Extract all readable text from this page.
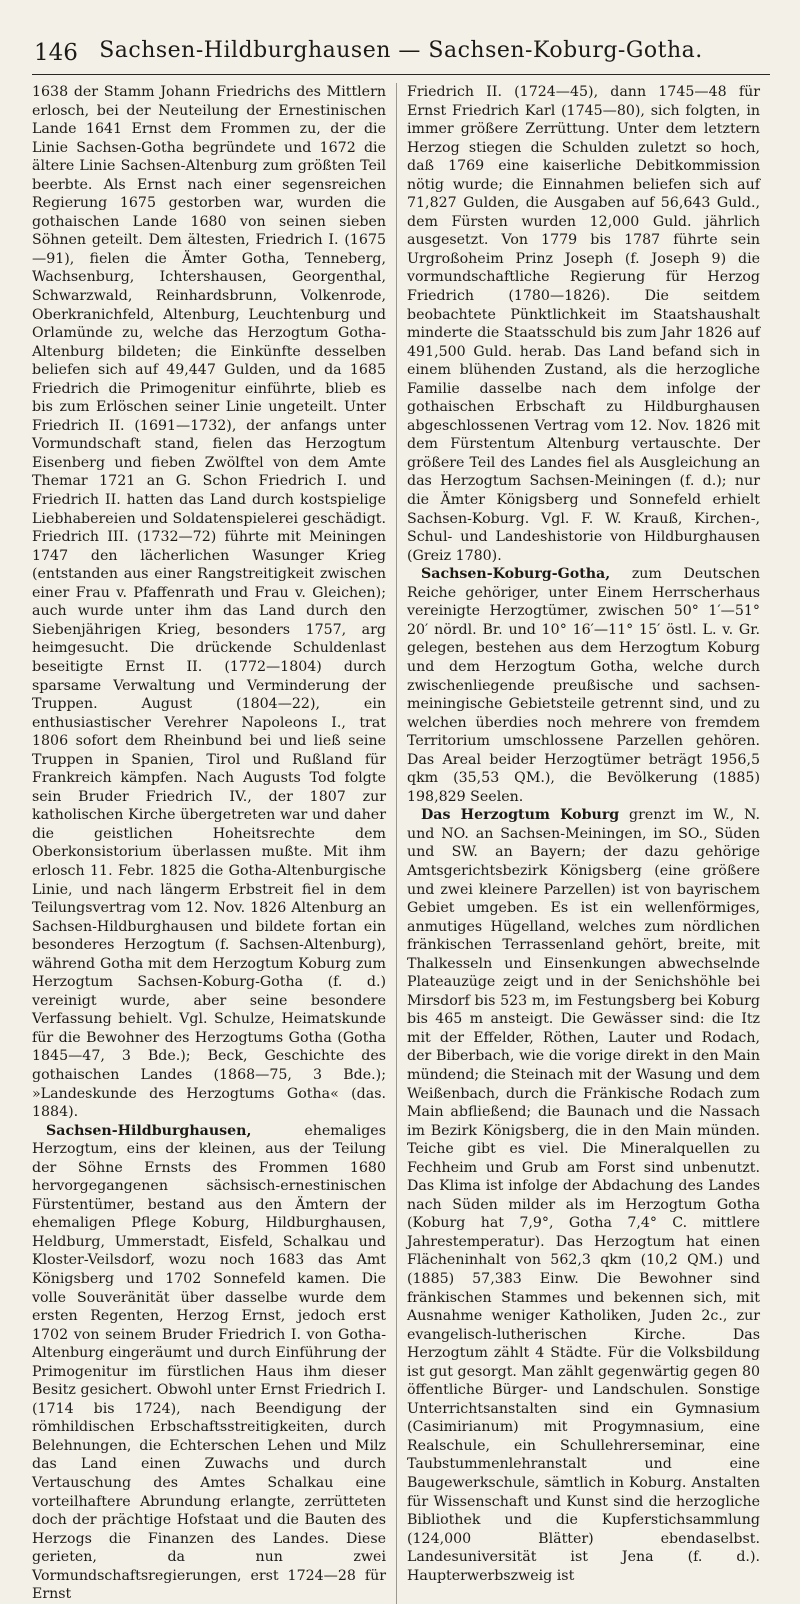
146 Sachsen-Hildburghausen — Sachsen-Koburg-Gotha.

1638 der Stamm Johann Friedrichs des Mittlern erlosch, bei der Neuteilung der Ernestinischen Lande 1641 Ernst dem Frommen zu, der die Linie Sachsen-Gotha begründete und 1672 die ältere Linie Sachsen-Altenburg zum größten Teil beerbte. Als Ernst nach einer segensreichen Regierung 1675 gestorben war, wurden die gothaischen Lande 1680 von seinen sieben Söhnen geteilt. Dem ältesten, Friedrich I. (1675—91), fielen die Ämter Gotha, Tenneberg, Wachsenburg, Ichtershausen, Georgenthal, Schwarzwald, Reinhardsbrunn, Volkenrode, Oberkranichfeld, Altenburg, Leuchtenburg und Orlamünde zu, welche das Herzogtum Gotha-Altenburg bildeten; die Einkünfte desselben beliefen sich auf 49,447 Gulden, und da 1685 Friedrich die Primogenitur einführte, blieb es bis zum Erlöschen seiner Linie ungeteilt. Unter Friedrich II. (1691—1732), der anfangs unter Vormundschaft stand, fielen das Herzogtum Eisenberg und fieben Zwölftel von dem Amte Themar 1721 an G. Schon Friedrich I. und Friedrich II. hatten das Land durch kostspielige Liebhabereien und Soldatenspielerei geschädigt. Friedrich III. (1732—72) führte mit Meiningen 1747 den lächerlichen Wasunger Krieg (entstanden aus einer Rangstreitigkeit zwischen einer Frau v. Pfaffenrath und Frau v. Gleichen); auch wurde unter ihm das Land durch den Siebenjährigen Krieg, besonders 1757, arg heimgesucht. Die drückende Schuldenlast beseitigte Ernst II. (1772—1804) durch sparsame Verwaltung und Verminderung der Truppen. August (1804—22), ein enthusiastischer Verehrer Napoleons I., trat 1806 sofort dem Rheinbund bei und ließ seine Truppen in Spanien, Tirol und Rußland für Frankreich kämpfen. Nach Augusts Tod folgte sein Bruder Friedrich IV., der 1807 zur katholischen Kirche übergetreten war und daher die geistlichen Hoheitsrechte dem Oberkonsistorium überlassen mußte. Mit ihm erlosch 11. Febr. 1825 die Gotha-Altenburgische Linie, und nach längerm Erbstreit fiel in dem Teilungsvertrag vom 12. Nov. 1826 Altenburg an Sachsen-Hildburghausen und bildete fortan ein besonderes Herzogtum (f. Sachsen-Altenburg), während Gotha mit dem Herzogtum Koburg zum Herzogtum Sachsen-Koburg-Gotha (f. d.) vereinigt wurde, aber seine besondere Verfassung behielt. Vgl. Schulze, Heimatskunde für die Bewohner des Herzogtums Gotha (Gotha 1845—47, 3 Bde.); Beck, Geschichte des gothaischen Landes (1868—75, 3 Bde.); »Landeskunde des Herzogtums Gotha« (das. 1884).

Sachsen-Hildburghausen,	ehemaliges Herzogtum, eins der kleinen, aus der Teilung der Söhne Ernsts des Frommen 1680 hervorgegangenen sächsisch-ernestinischen Fürstentümer, bestand aus den Ämtern der ehemaligen Pflege Koburg, Hildburghausen, Heldburg, Ummerstadt, Eisfeld, Schalkau und Kloster-Veilsdorf, wozu noch 1683 das Amt Königsberg und 1702 Sonnefeld kamen. Die volle Souveränität über dasselbe wurde dem ersten Regenten, Herzog Ernst, jedoch erst 1702 von seinem Bruder Friedrich I. von Gotha-Altenburg eingeräumt und durch Einführung der Primogenitur im fürstlichen Haus ihm dieser Besitz gesichert. Obwohl unter Ernst Friedrich I. (1714 bis 1724), nach Beendigung der römhildischen Erbschaftsstreitigkeiten, durch Belehnungen, die Echterschen Lehen und Milz das Land einen Zuwachs und durch Vertauschung des Amtes Schalkau eine vorteilhaftere Abrundung erlangte, zerrütteten doch der prächtige Hofstaat und die Bauten des Herzogs die Finanzen des Landes. Diese gerieten, da nun zwei Vormundschaftsregierungen, erst 1724—28 für Ernst

Friedrich II. (1724—45), dann 1745—48 für Ernst Friedrich Karl (1745—80), sich folgten, in immer größere Zerrüttung. Unter dem letztern Herzog stiegen die Schulden zuletzt so hoch, daß 1769 eine kaiserliche Debitkommission nötig wurde; die Einnahmen beliefen sich auf 71,827 Gulden, die Ausgaben auf 56,643 Guld., dem Fürsten wurden 12,000 Guld. jährlich ausgesetzt. Von 1779 bis 1787 führte sein Urgroßoheim Prinz Joseph (f. Joseph 9) die vormundschaftliche Regierung für Herzog Friedrich (1780—1826). Die seitdem beobachtete Pünktlichkeit im Staatshaushalt minderte die Staatsschuld bis zum Jahr 1826 auf 491,500 Guld. herab. Das Land befand sich in einem blühenden Zustand, als die herzogliche Familie dasselbe nach dem infolge der gothaischen Erbschaft zu Hildburghausen abgeschlossenen Vertrag vom 12. Nov. 1826 mit dem Fürstentum Altenburg vertauschte. Der größere Teil des Landes fiel als Ausgleichung an das Herzogtum Sachsen-Meiningen (f. d.); nur die Ämter Königsberg und Sonnefeld erhielt Sachsen-Koburg. Vgl. F. W. Krauß, Kirchen-, Schul- und Landeshistorie von Hildburghausen (Greiz 1780).

Sachsen-Koburg-Gotha, zum Deutschen Reiche gehöriger, unter Einem Herrscherhaus vereinigte Herzogtümer, zwischen 50° 1′—51° 20′ nördl. Br. und 10° 16′—11° 15′ östl. L. v. Gr. gelegen, bestehen aus dem Herzogtum Koburg und dem Herzogtum Gotha, welche durch zwischenliegende preußische und sachsen-meiningische Gebietsteile getrennt sind, und zu welchen überdies noch mehrere von fremdem Territorium umschlossene Parzellen gehören. Das Areal beider Herzogtümer beträgt 1956,5 qkm (35,53 QM.), die Bevölkerung (1885) 198,829 Seelen.

Das Herzogtum Koburg grenzt im W., N. und NO. an Sachsen-Meiningen, im SO., Süden und SW. an Bayern; der dazu gehörige Amtsgerichtsbezirk Königsberg (eine größere und zwei kleinere Parzellen) ist von bayrischem Gebiet umgeben. Es ist ein wellenförmiges, anmutiges Hügelland, welches zum nördlichen fränkischen Terrassenland gehört, breite, mit Thalkesseln und Einsenkungen abwechselnde Plateauzüge zeigt und in der Senichshöhle bei Mirsdorf bis 523 m, im Festungsberg bei Koburg bis 465 m ansteigt. Die Gewässer sind: die Itz mit der Effelder, Röthen, Lauter und Rodach, der Biberbach, wie die vorige direkt in den Main mündend; die Steinach mit der Wasung und dem Weißenbach, durch die Fränkische Rodach zum Main abfließend; die Baunach und die Nassach im Bezirk Königsberg, die in den Main münden. Teiche gibt es viel. Die Mineralquellen zu Fechheim und Grub am Forst sind unbenutzt. Das Klima ist infolge der Abdachung des Landes nach Süden milder als im Herzogtum Gotha (Koburg hat 7,9°, Gotha 7,4° C. mittlere Jahrestemperatur). Das Herzogtum hat einen Flächeninhalt von 562,3 qkm (10,2 QM.) und (1885) 57,383 Einw. Die Bewohner sind fränkischen Stammes und bekennen sich, mit Ausnahme weniger Katholiken, Juden 2c., zur evangelisch-lutherischen Kirche. Das Herzogtum zählt 4 Städte. Für die Volksbildung ist gut gesorgt. Man zählt gegenwärtig gegen 80 öffentliche Bürger- und Landschulen. Sonstige Unterrichtsanstalten sind ein Gymnasium (Casimirianum) mit Progymnasium, eine Realschule, ein Schullehrerseminar, eine Taubstummenlehranstalt und eine Baugewerkschule, sämtlich in Koburg. Anstalten für Wissenschaft und Kunst sind die herzogliche Bibliothek und die Kupferstichsammlung (124,000 Blätter) ebendaselbst. Landesuniversität ist Jena (f. d.). Haupterwerbszweig ist
